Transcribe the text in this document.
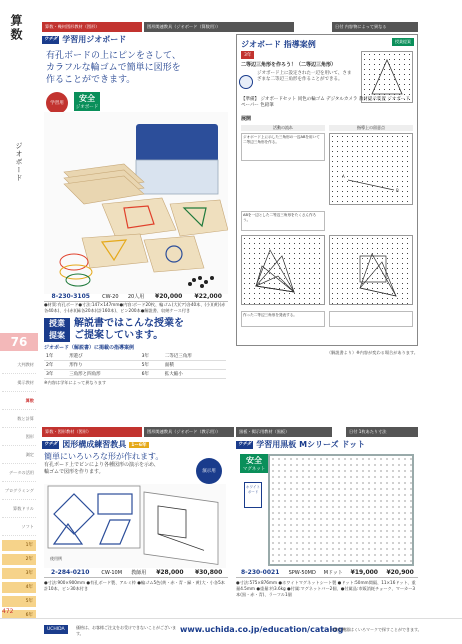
算数
ジオボード
76
大判教材
掲示教材
算数
数と計算
図形
測定
データの活用
プログラミング
算数ドリル
ソフト
1年
2年
3年
4年
5年
6年
472
算数・幾何図形教材（図形）	図形関連教具（ジオボード（算数用））	日付 内容物によって異なる
ウチダ 学習用ジオボード
有孔ボードの上にピンをさして、
カラフルな輪ゴムで簡単に図形を
作ることができます。
学習用
安全
ジオボード
8-230-3105	CW-20	20人用	¥20,000	¥22,000
●材質:有孔ボード●寸法:147×147mm●内容:ボード20枚、輪ゴム(大)(ア)各40本、(小)(黄)(赤各40本)、小(赤)(緑各20本)(計160本)、ピン200本●解説書、収納ケース付き
授業
提案
解説書ではこんな授業を
ご提案しています。
ジオボード（解説書）に掲載の指導案例
1年	形遊び	3年	二等辺三角形
2年	形作り	5年	面積
3年	三角形と四角形	6年	拡大縮小
※内容は学年によって異なります
ジオボード 指導案例	授業提案
3年
二等辺三角形を作ろう！（二等辺三角形）
ジオボード上に設定された一辺を用いて、さまざまな二等辺三角形を作ることができる。
【準備】 ジオボードセット 同色の輪ゴム デジタルカメラ 教材提示装置 ジオボードペーパー 色鉛筆
展開
活動の流れ	指導上の留意点
ジオボード上に示した三角形の一辺ABを用いて二等辺三角形を作る。
A
B
ABを一辺とした二等辺三角形をたくさん作ろう。
作った二等辺三角形を発表する。
（解説書より）※内容が変わる場合があります。
算数・図形教材（図形）	図形関連教具（ジオボード（教示用））
ウチダ 図形構成練習教具	1ー6年
簡単にいろいろな形が作れます。
有孔ボード上でピンにより各種図形の演示を示め、
輪ゴムで図形を作ります。	演示用
使用例
2-284-0210	CW-10M	教師用	¥28,000	¥30,800
●寸法:900×900mm ●有孔ボード製、アルミ枠 ●輪ゴム5色(黄・赤・青・緑・黄)大・小各5本 計10本、ピン30本付き
黒板・掲示用教材（黒板）	日付 1枚あたり寸法
ウチダ 学習用黒板 Mシリーズ ドット
安全
マグネット
ホワイトボード
8-230-0021	SPW-50MD	Mドット	¥19,000	¥20,900
●寸法:575×876mm ●ホワイトマグネットシート製 ●ドット:50mm間隔、11×16ドット、重量4.5mm ●重量:約3.6kg ●付属:マグネットバー2個、●付属品:市販消耗チョーク、マーカー3本(黒・赤・青)、ラーフル1個
UCHIDA	価格は、お客様ご注文をお受けできないことがございます。	www.uchida.co.jp/education/catalog
の教育機器はくいろマークで探すことができます。
